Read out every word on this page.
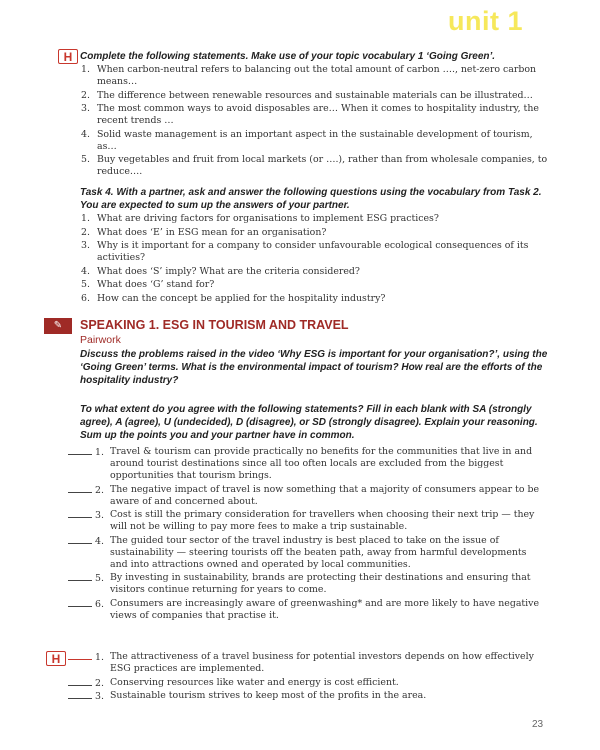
unit 1
H Complete the following statements. Make use of your topic vocabulary 1 ‘Going Green’.
1. When carbon-neutral refers to balancing out the total amount of carbon …., net-zero carbon means…
2. The difference between renewable resources and sustainable materials can be illustrated…
3. The most common ways to avoid disposables are… When it comes to hospitality industry, the recent trends …
4. Solid waste management is an important aspect in the sustainable development of tourism, as…
5. Buy vegetables and fruit from local markets (or ….), rather than from wholesale companies, to reduce….
Task 4. With a partner, ask and answer the following questions using the vocabulary from Task 2. You are expected to sum up the answers of your partner.
1. What are driving factors for organisations to implement ESG practices?
2. What does ‘E’ in ESG mean for an organisation?
3. Why is it important for a company to consider unfavourable ecological consequences of its activities?
4. What does ‘S’ imply? What are the criteria considered?
5. What does ‘G’ stand for?
6. How can the concept be applied for the hospitality industry?
✎	SPEAKING 1. ESG IN TOURISM AND TRAVEL
Pairwork
Discuss the problems raised in the video ‘Why ESG is important for your organisation?’, using the ‘Going Green’ terms. What is the environmental impact of tourism? How real are the efforts of the hospitality industry?
To what extent do you agree with the following statements? Fill in each blank with SA (strongly agree), A (agree), U (undecided), D (disagree), or SD (strongly disagree). Explain your reasoning. Sum up the points you and your partner have in common.
1. Travel & tourism can provide practically no benefits for the communities that live in and around tourist destinations since all too often locals are excluded from the biggest opportunities that tourism brings.
2. The negative impact of travel is now something that a majority of consumers appear to be aware of and concerned about.
3. Cost is still the primary consideration for travellers when choosing their next trip — they will not be willing to pay more fees to make a trip sustainable.
4. The guided tour sector of the travel industry is best placed to take on the issue of sustainability — steering tourists off the beaten path, away from harmful developments and into attractions owned and operated by local communities.
5. By investing in sustainability, brands are protecting their destinations and ensuring that visitors continue returning for years to come.
6. Consumers are increasingly aware of greenwashing* and are more likely to have negative views of companies that practise it.
H	1. The attractiveness of a travel business for potential investors depends on how effectively ESG practices are implemented.
2. Conserving resources like water and energy is cost efficient.
3. Sustainable tourism strives to keep most of the profits in the area.
23
